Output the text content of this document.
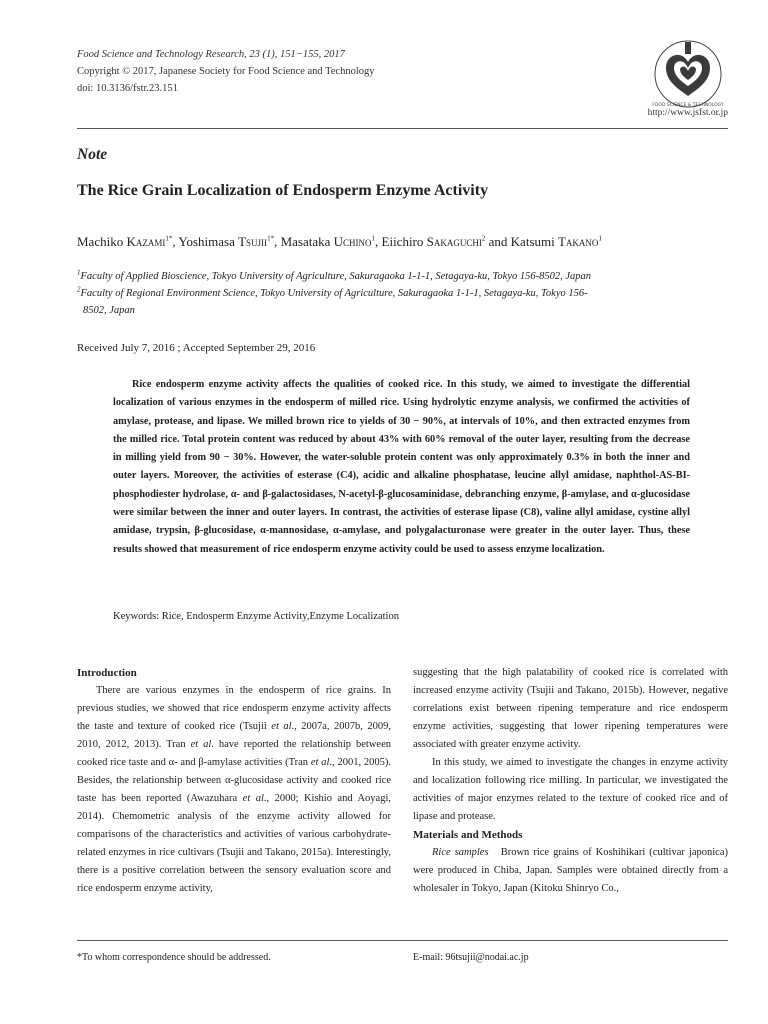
Food Science and Technology Research, 23 (1), 151−155, 2017
Copyright © 2017, Japanese Society for Food Science and Technology
doi: 10.3136/fstr.23.151
FOOD SCIENCE & TECHNOLOGY
http://www.jsfst.or.jp
Note
The Rice Grain Localization of Endosperm Enzyme Activity
Machiko Kazami$^{1*}$, Yoshimasa Tsujii$^{1*}$, Masataka Uchino$^1$, Eiichiro Sakaguchi$^2$ and Katsumi Takano$^1$
$^1$Faculty of Applied Bioscience, Tokyo University of Agriculture, Sakuragaoka 1-1-1, Setagaya-ku, Tokyo 156-8502, Japan
$^2$Faculty of Regional Environment Science, Tokyo University of Agriculture, Sakuragaoka 1-1-1, Setagaya-ku, Tokyo 156-
8502, Japan
Received July 7, 2016 ; Accepted September 29, 2016

Rice endosperm enzyme activity affects the qualities of cooked rice. In this study, we aimed to investigate the differential localization of various enzymes in the endosperm of milled rice. Using hydrolytic enzyme analysis, we confirmed the activities of amylase, protease, and lipase. We milled brown rice to yields of 30 − 90%, at intervals of 10%, and then extracted enzymes from the milled rice. Total protein content was reduced by about 43% with 60% removal of the outer layer, resulting from the decrease in milling yield from 90 − 30%. However, the water-soluble protein content was only approximately 0.3% in both the inner and outer layers. Moreover, the activities of esterase (C4), acidic and alkaline phosphatase, leucine allyl amidase, naphthol-AS-BI-phosphodiester hydrolase, α- and β-galactosidases, N-acetyl-β-glucosaminidase, debranching enzyme, β-amylase, and α-glucosidase were similar between the inner and outer layers. In contrast, the activities of esterase lipase (C8), valine allyl amidase, cystine allyl amidase, trypsin, β-glucosidase, α-mannosidase, α-amylase, and polygalacturonase were greater in the outer layer. Thus, these results showed that measurement of rice endosperm enzyme activity could be used to assess enzyme localization.

Keywords: Rice, Endosperm Enzyme Activity,Enzyme Localization
Introduction

There are various enzymes in the endosperm of rice grains. In previous studies, we showed that rice endosperm enzyme activity affects the taste and texture of cooked rice (Tsujii et al., 2007a, 2007b, 2009, 2010, 2012, 2013). Tran et al. have reported the relationship between cooked rice taste and α- and β-amylase activities (Tran et al., 2001, 2005). Besides, the relationship between α-glucosidase activity and cooked rice taste has been reported (Awazuhara et al., 2000; Kishio and Aoyagi, 2014). Chemometric analysis of the enzyme activity allowed for comparisons of the characteristics and activities of various carbohydrate-related enzymes in rice cultivars (Tsujii and Takano, 2015a). Interestingly, there is a positive correlation between the sensory evaluation score and rice endosperm enzyme activity,

suggesting that the high palatability of cooked rice is correlated with increased enzyme activity (Tsujii and Takano, 2015b). However, negative correlations exist between ripening temperature and rice endosperm enzyme activities, suggesting that lower ripening temperatures were associated with greater enzyme activity.

In this study, we aimed to investigate the changes in enzyme activity and localization following rice milling. In particular, we investigated the activities of major enzymes related to the texture of cooked rice and of lipase and protease.

Materials and Methods

Rice samples Brown rice grains of Koshihikari (cultivar japonica) were produced in Chiba, Japan. Samples were obtained directly from a wholesaler in Tokyo, Japan (Kitoku Shinryo Co.,

*To whom correspondence should be addressed.	E-mail: 96tsujii@nodai.ac.jp
